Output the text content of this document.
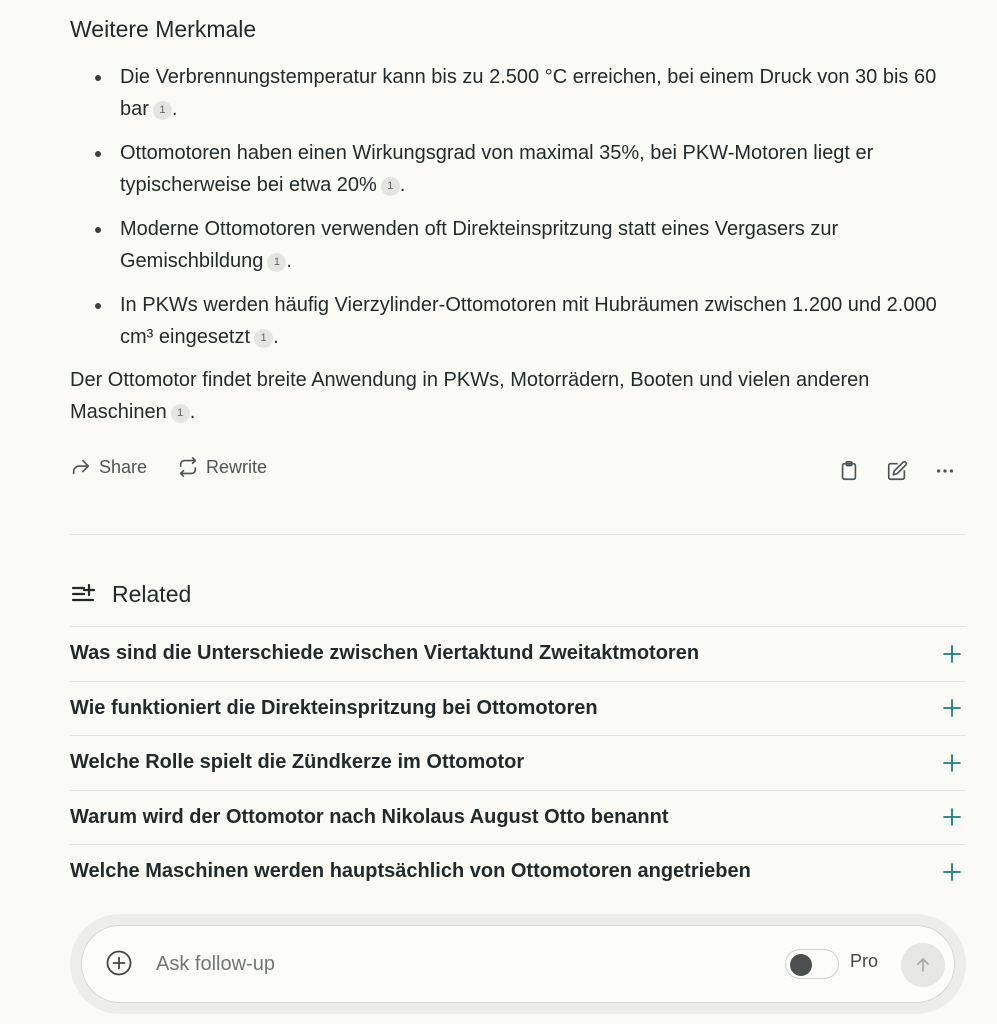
Weitere Merkmale
Die Verbrennungstemperatur kann bis zu 2.500 °C erreichen, bei einem Druck von 30 bis 60 bar 1 .
Ottomotoren haben einen Wirkungsgrad von maximal 35%, bei PKW-Motoren liegt er typischerweise bei etwa 20% 1 .
Moderne Ottomotoren verwenden oft Direkteinspritzung statt eines Vergasers zur Gemischbildung 1 .
In PKWs werden häufig Vierzylinder-Ottomotoren mit Hubräumen zwischen 1.200 und 2.000 cm³ eingesetzt 1 .

Der Ottomotor findet breite Anwendung in PKWs, Motorrädern, Booten und vielen anderen Maschinen 1 .

Share	Rewrite
Related
Was sind die Unterschiede zwischen Viertaktund Zweitaktmotoren
Wie funktioniert die Direkteinspritzung bei Ottomotoren
Welche Rolle spielt die Zündkerze im Ottomotor
Warum wird der Ottomotor nach Nikolaus August Otto benannt
Welche Maschinen werden hauptsächlich von Ottomotoren angetrieben
Ask follow-up
Pro
